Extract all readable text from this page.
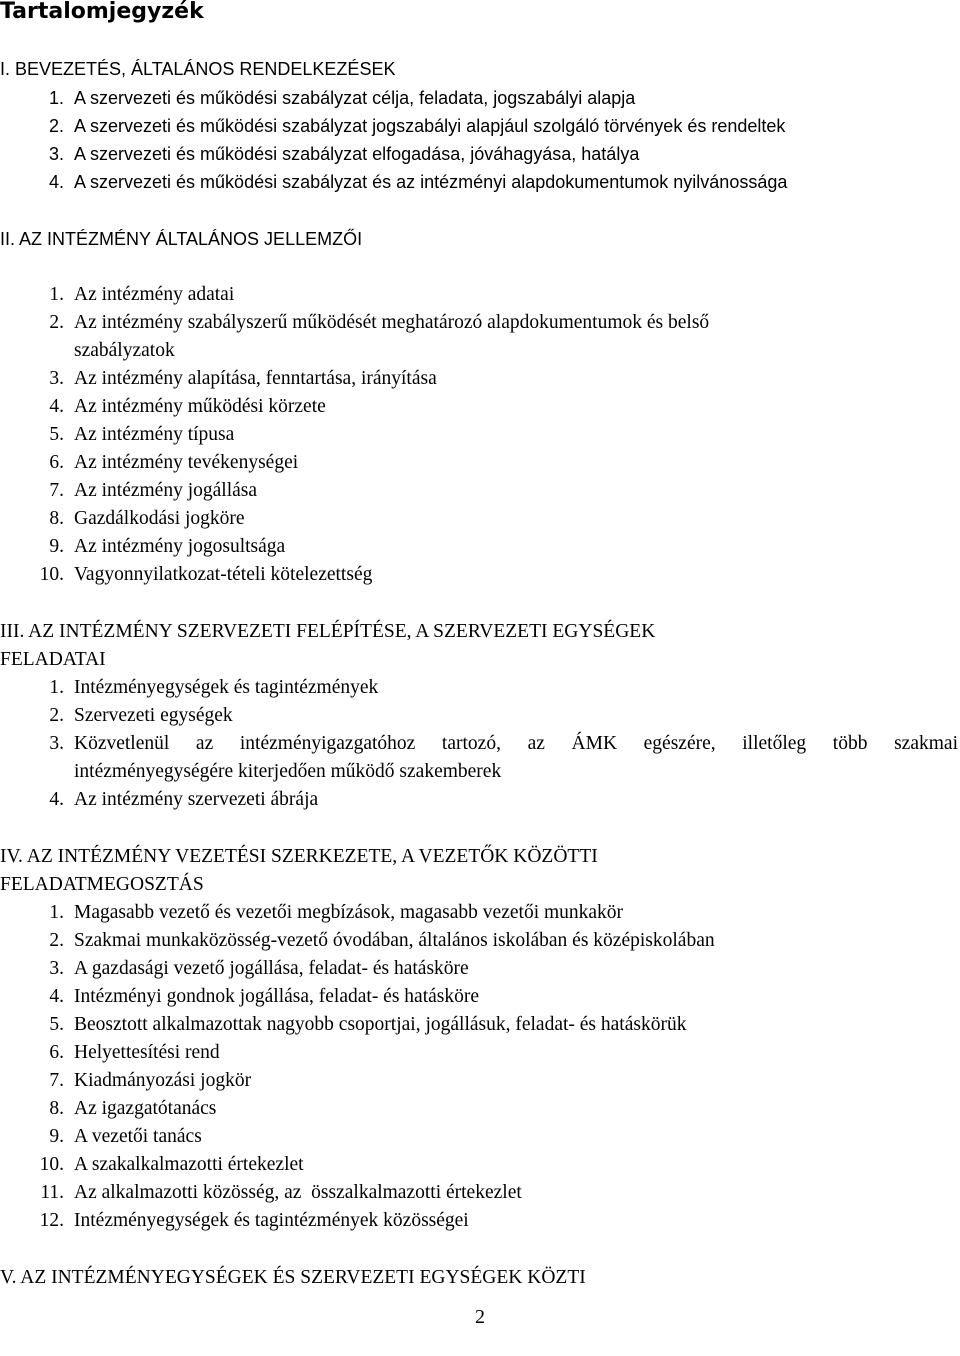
Tartalomjegyzék
I. BEVEZETÉS, ÁLTALÁNOS RENDELKEZÉSEK
1. A szervezeti és működési szabályzat célja, feladata, jogszabályi alapja
2. A szervezeti és működési szabályzat jogszabályi alapjául szolgáló törvények és rendeltek
3. A szervezeti és működési szabályzat elfogadása, jóváhagyása, hatálya
4. A szervezeti és működési szabályzat és az intézményi alapdokumentumok nyilvánossága
II. AZ INTÉZMÉNY ÁLTALÁNOS JELLEMZŐI
1. Az intézmény adatai
2. Az intézmény szabályszerű működését meghatározó alapdokumentumok és belső
szabályzatok
3. Az intézmény alapítása, fenntartása, irányítása
4. Az intézmény működési körzete
5. Az intézmény típusa
6. Az intézmény tevékenységei
7. Az intézmény jogállása
8. Gazdálkodási jogköre
9. Az intézmény jogosultsága
10. Vagyonnyilatkozat-tételi kötelezettség
III. AZ INTÉZMÉNY SZERVEZETI FELÉPÍTÉSE, A SZERVEZETI EGYSÉGEK
FELADATAI
1. Intézményegységek és tagintézmények
2. Szervezeti egységek
3. Közvetlenül az intézményigazgatóhoz tartozó, az ÁMK egészére, illetőleg több szakmai
intézményegységére kiterjedően működő szakemberek
4. Az intézmény szervezeti ábrája
IV. AZ INTÉZMÉNY VEZETÉSI SZERKEZETE, A VEZETŐK KÖZÖTTI
FELADATMEGOSZTÁS
1. Magasabb vezető és vezetői megbízások, magasabb vezetői munkakör
2. Szakmai munkaközösség-vezető óvodában, általános iskolában és középiskolában
3. A gazdasági vezető jogállása, feladat- és hatásköre
4. Intézményi gondnok jogállása, feladat- és hatásköre
5. Beosztott alkalmazottak nagyobb csoportjai, jogállásuk, feladat- és hatáskörük
6. Helyettesítési rend
7. Kiadmányozási jogkör
8. Az igazgatótanács
9. A vezetői tanács
10. A szakalkalmazotti értekezlet
11. Az alkalmazotti közösség, az  összalkalmazotti értekezlet
12. Intézményegységek és tagintézmények közösségei
V. AZ INTÉZMÉNYEGYSÉGEK ÉS SZERVEZETI EGYSÉGEK KÖZTI
2
